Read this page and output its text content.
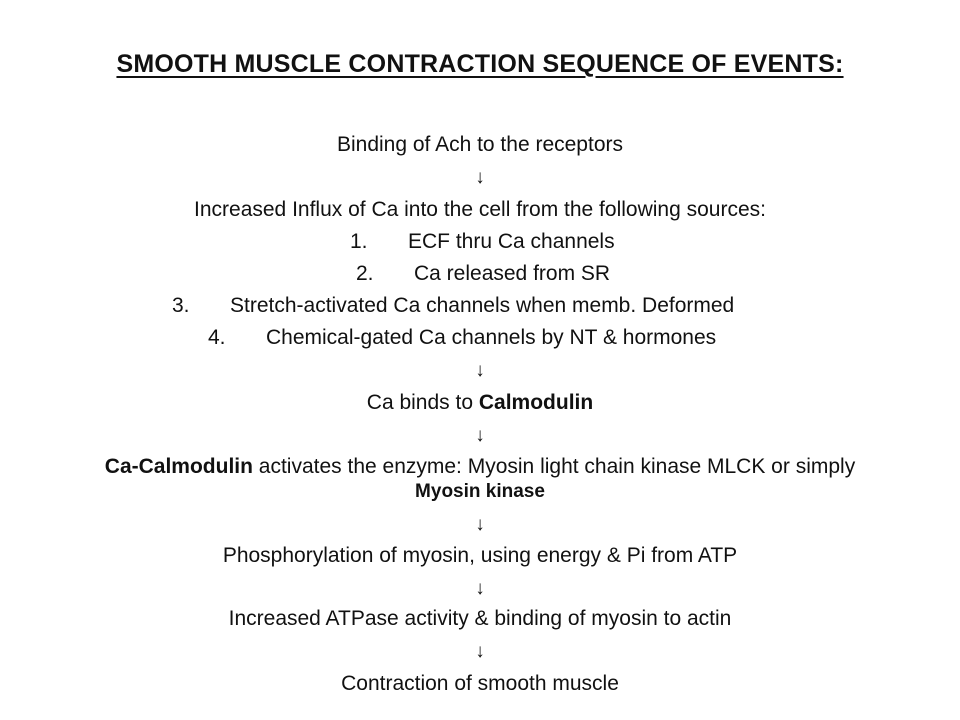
SMOOTH MUSCLE CONTRACTION SEQUENCE OF EVENTS:
Binding of Ach to the receptors
↓
Increased Influx of Ca into the cell from the following sources:
1. ECF thru Ca channels
2. Ca released from SR
3. Stretch-activated Ca channels when memb. Deformed
4. Chemical-gated Ca channels by NT & hormones
↓
Ca binds to Calmodulin
↓
Ca-Calmodulin activates the enzyme: Myosin light chain kinase MLCK or simply
Myosin kinase
↓
Phosphorylation of myosin, using energy & Pi from ATP
↓
Increased ATPase activity & binding of myosin to actin
↓
Contraction of smooth muscle
